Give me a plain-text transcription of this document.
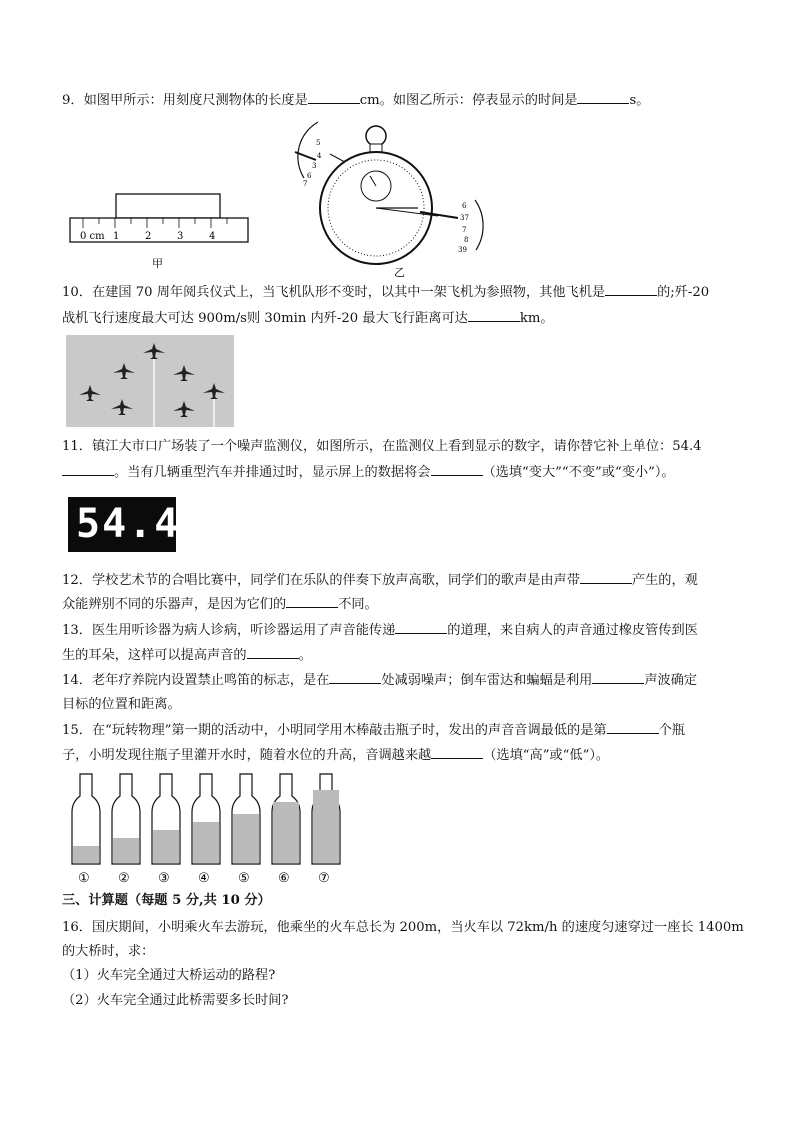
9．如图甲所示：用刻度尺测物体的长度是	cm。如图乙所示：停表显示的时间是	s。
0 cm 1	2	3	4
甲
5
4
3
6
7
6
37
7
8
39
乙
10．在建国 70 周年阅兵仪式上，当飞机队形不变时，以其中一架飞机为参照物，其他飞机是	的;歼-20
战机飞行速度最大可达 900m/s则 30min 内歼-20 最大飞行距离可达	km。
11．镇江大市口广场装了一个噪声监测仪，如图所示，在监测仪上看到显示的数字，请你替它补上单位：54.4
。当有几辆重型汽车并排通过时，显示屏上的数据将会	（选填“变大”“不变”或“变小”）。
54.4
12．学校艺术节的合唱比赛中，同学们在乐队的伴奏下放声高歌，同学们的歌声是由声带	产生的，观
众能辨别不同的乐器声，是因为它们的	不同。
13．医生用听诊器为病人诊病，听诊器运用了声音能传递	的道理，来自病人的声音通过橡皮管传到医
生的耳朵，这样可以提高声音的	。
14．老年疗养院内设置禁止鸣笛的标志，是在	处减弱噪声；倒车雷达和蝙蝠是利用	声波确定
目标的位置和距离。
15．在“玩转物理”第一期的活动中，小明同学用木棒敲击瓶子时，发出的声音音调最低的是第	个瓶
子，小明发现往瓶子里灌开水时，随着水位的升高，音调越来越	（选填“高”或“低”）。
① ② ③ ④ ⑤ ⑥ ⑦
三、计算题（每题 5 分,共 10 分）
16．国庆期间，小明乘火车去游玩，他乘坐的火车总长为 200m，当火车以 72km/h 的速度匀速穿过一座长 1400m
的大桥时，求：
（1）火车完全通过大桥运动的路程?
（2）火车完全通过此桥需要多长时间?
